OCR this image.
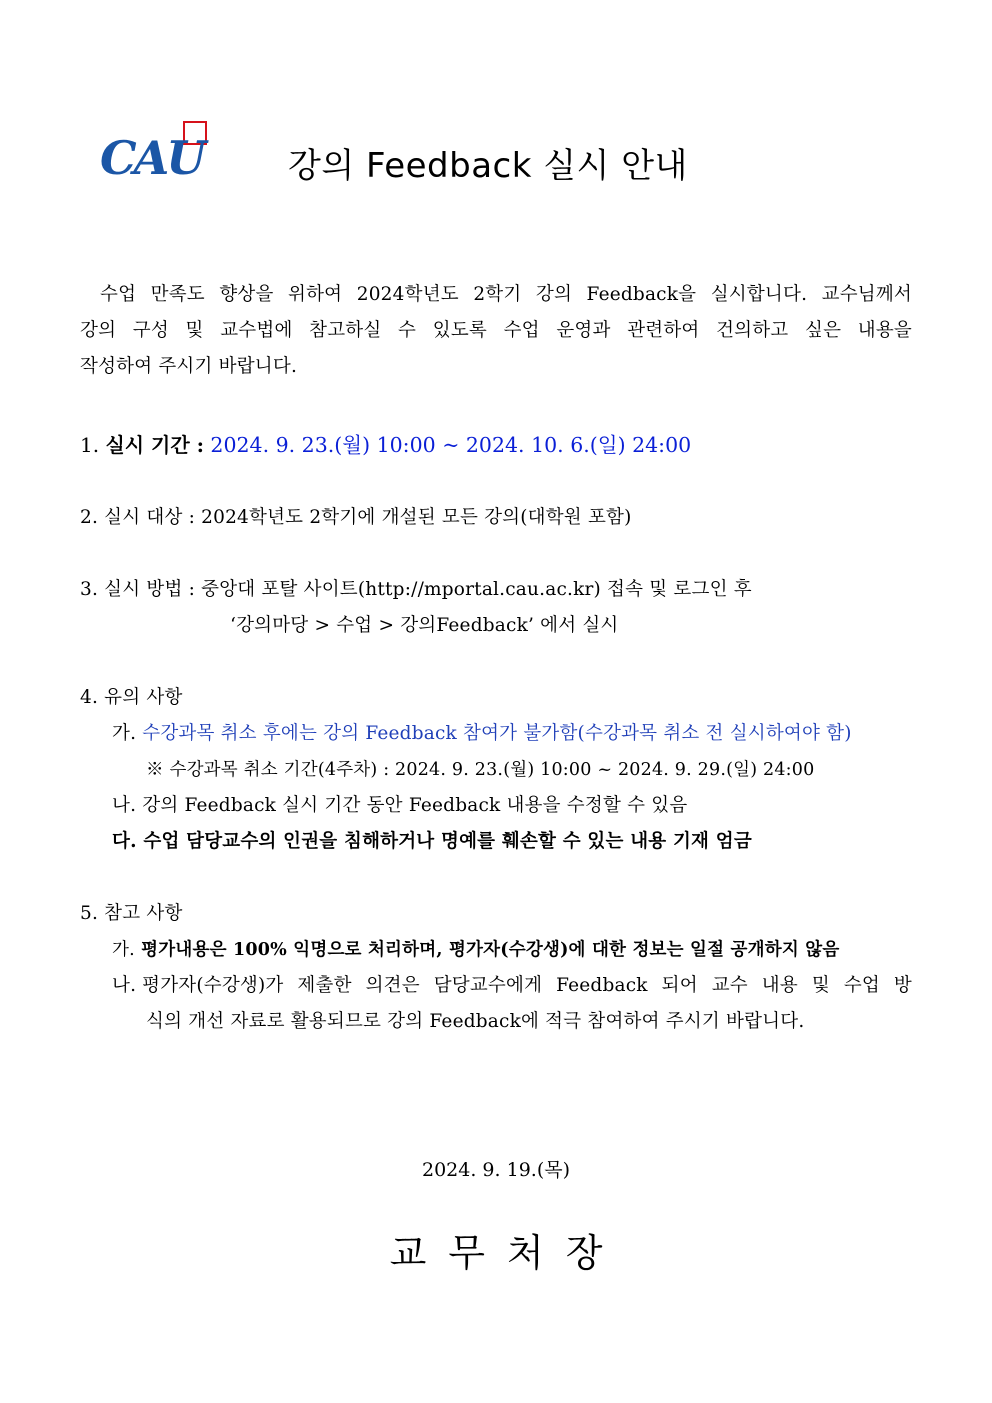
CAU 강의 Feedback 실시 안내
수업 만족도 향상을 위하여 2024학년도 2학기 강의 Feedback을 실시합니다. 교수님께서
강의 구성 및 교수법에 참고하실 수 있도록 수업 운영과 관련하여 건의하고 싶은 내용을
작성하여 주시기 바랍니다.
1. 실시 기간 : 2024. 9. 23.(월) 10:00 ~ 2024. 10. 6.(일) 24:00
2. 실시 대상 : 2024학년도 2학기에 개설된 모든 강의(대학원 포함)
3. 실시 방법 : 중앙대 포탈 사이트(http://mportal.cau.ac.kr) 접속 및 로그인 후
‘강의마당 > 수업 > 강의Feedback’ 에서 실시
4. 유의 사항
가. 수강과목 취소 후에는 강의 Feedback 참여가 불가함(수강과목 취소 전 실시하여야 함)
※ 수강과목 취소 기간(4주차) : 2024. 9. 23.(월) 10:00 ~ 2024. 9. 29.(일) 24:00
나. 강의 Feedback 실시 기간 동안 Feedback 내용을 수정할 수 있음
다. 수업 담당교수의 인권을 침해하거나 명예를 훼손할 수 있는 내용 기재 엄금
5. 참고 사항
가. 평가내용은 100% 익명으로 처리하며, 평가자(수강생)에 대한 정보는 일절 공개하지 않음
나. 평가자(수강생)가 제출한 의견은 담당교수에게 Feedback 되어 교수 내용 및 수업 방
식의 개선 자료로 활용되므로 강의 Feedback에 적극 참여하여 주시기 바랍니다.
2024. 9. 19.(목)
교무처장
